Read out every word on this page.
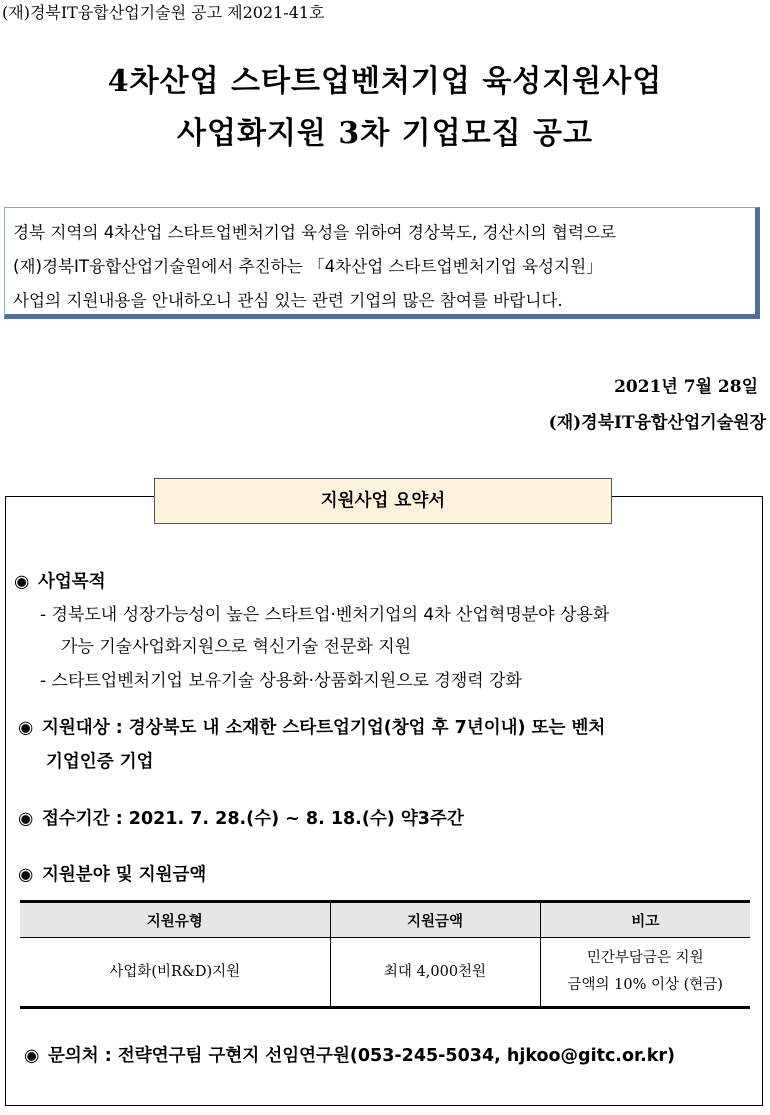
(재)경북IT융합산업기술원 공고 제2021-41호
4차산업 스타트업벤처기업 육성지원사업
사업화지원 3차 기업모집 공고
경북 지역의 4차산업 스타트업벤처기업 육성을 위하여 경상북도, 경산시의 협력으로
(재)경북IT융합산업기술원에서 추진하는 「4차산업 스타트업벤처기업 육성지원」
사업의 지원내용을 안내하오니 관심 있는 관련 기업의 많은 참여를 바랍니다.
2021년 7월 28일
(재)경북IT융합산업기술원장
지원사업 요약서
◉ 사업목적
- 경북도내 성장가능성이 높은 스타트업·벤처기업의 4차 산업혁명분야 상용화
가능 기술사업화지원으로 혁신기술 전문화 지원
- 스타트업벤처기업 보유기술 상용화·상품화지원으로 경쟁력 강화
◉ 지원대상 : 경상북도 내 소재한 스타트업기업(창업 후 7년이내) 또는 벤처
기업인증 기업
◉ 접수기간 : 2021. 7. 28.(수) ~ 8. 18.(수) 약3주간
◉ 지원분야 및 지원금액
지원유형	지원금액	비고
사업화(비R&D)지원	최대 4,000천원	민간부담금은 지원
금액의 10% 이상 (현금)
◉ 문의처 : 전략연구팀 구현지 선임연구원(053-245-5034, hjkoo@gitc.or.kr)
